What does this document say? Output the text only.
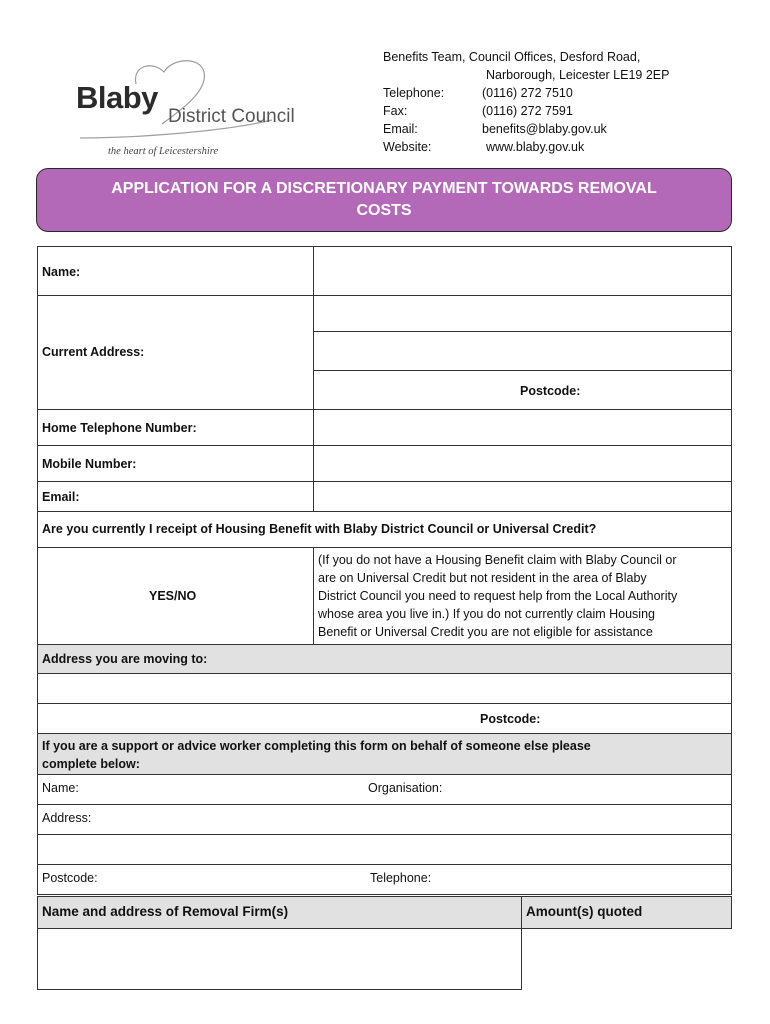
Blaby
District Council
the heart of Leicestershire
Benefits Team, Council Offices, Desford Road,
Narborough, Leicester LE19 2EP
Telephone:	(0116) 272 7510
Fax:	(0116) 272 7591
Email:	benefits@blaby.gov.uk
Website:	www.blaby.gov.uk
APPLICATION FOR A DISCRETIONARY PAYMENT TOWARDS REMOVAL
COSTS
Name:
Current Address:
Postcode:
Home Telephone Number:
Mobile Number:
Email:
Are you currently I receipt of Housing Benefit with Blaby District Council or Universal Credit?
YES/NO
(If you do not have a Housing Benefit claim with Blaby Council or
are on Universal Credit but not resident in the area of Blaby
District Council you need to request help from the Local Authority
whose area you live in.) If you do not currently claim Housing
Benefit or Universal Credit you are not eligible for assistance
Address you are moving to:
Postcode:
If you are a support or advice worker completing this form on behalf of someone else please
complete below:
Name:	Organisation:
Address:
Postcode:	Telephone:
Name and address of Removal Firm(s)	Amount(s) quoted
